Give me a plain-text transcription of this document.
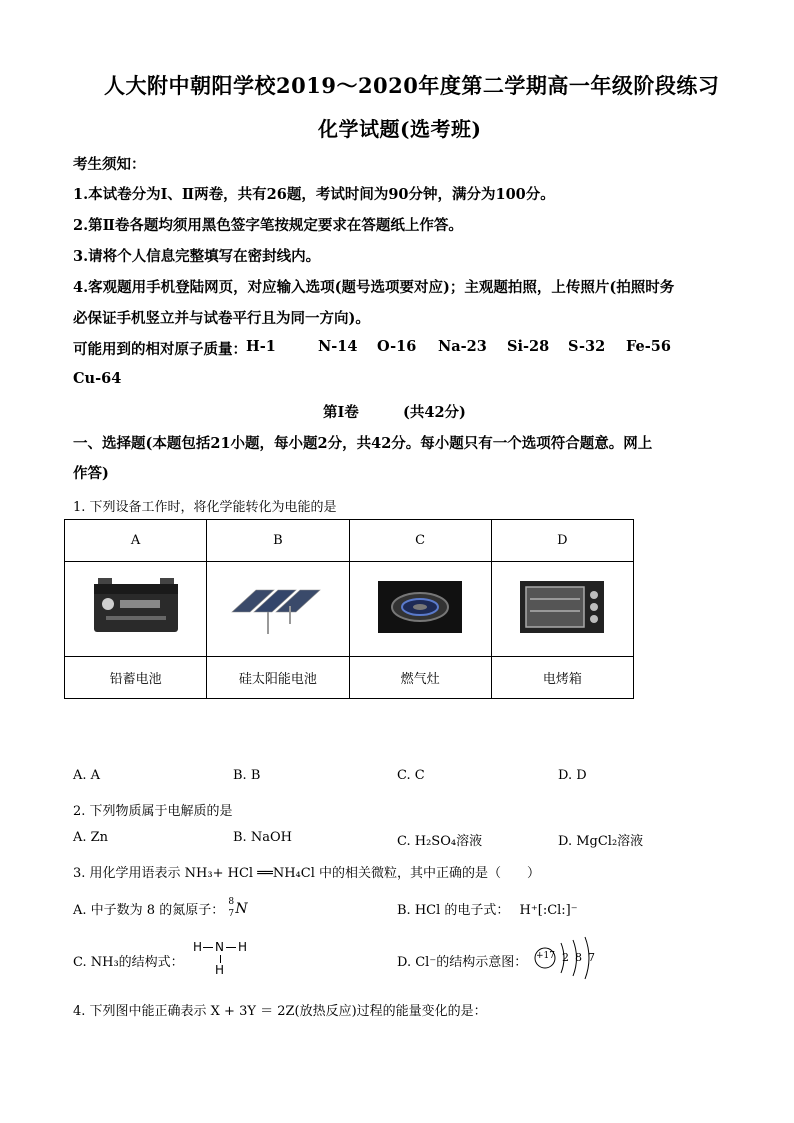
人大附中朝阳学校2019～2020年度第二学期高一年级阶段练习
化学试题(选考班)
考生须知：
1.本试卷分为Ⅰ、Ⅱ两卷，共有26题，考试时间为90分钟，满分为100分。
2.第Ⅱ卷各题均须用黑色签字笔按规定要求在答题纸上作答。
3.请将个人信息完整填写在密封线内。
4.客观题用手机登陆网页，对应输入选项(题号选项要对应)；主观题拍照，上传照片(拍照时务
必保证手机竖立并与试卷平行且为同一方向)。
可能用到的相对原子质量： H-1	N-14 O-16 Na-23 Si-28 S-32 Fe-56
Cu-64
第Ⅰ卷	(共42分)
一、选择题(本题包括21小题，每小题2分，共42分。每小题只有一个选项符合题意。网上
作答)
1. 下列设备工作时，将化学能转化为电能的是
A	B	C	D

铅蓄电池	硅太阳能电池	燃气灶	电烤箱
A. A	B. B	C. C	D. D
2. 下列物质属于电解质的是
A. Zn	B. NaOH	C. H₂SO₄溶液	D. MgCl₂溶液
3. 用化学用语表示 NH₃+ HCl ══NH₄Cl 中的相关微粒，其中正确的是（　　）
A. 中子数为 8 的氮原子：
8
7 N	B. HCl 的电子式： H⁺[:Cl:]⁻
C. NH₃的结构式：
H N H
H	D. Cl⁻的结构示意图： +17 2 8 7
4. 下列图中能正确表示 X + 3Y ＝ 2Z(放热反应)过程的能量变化的是：
